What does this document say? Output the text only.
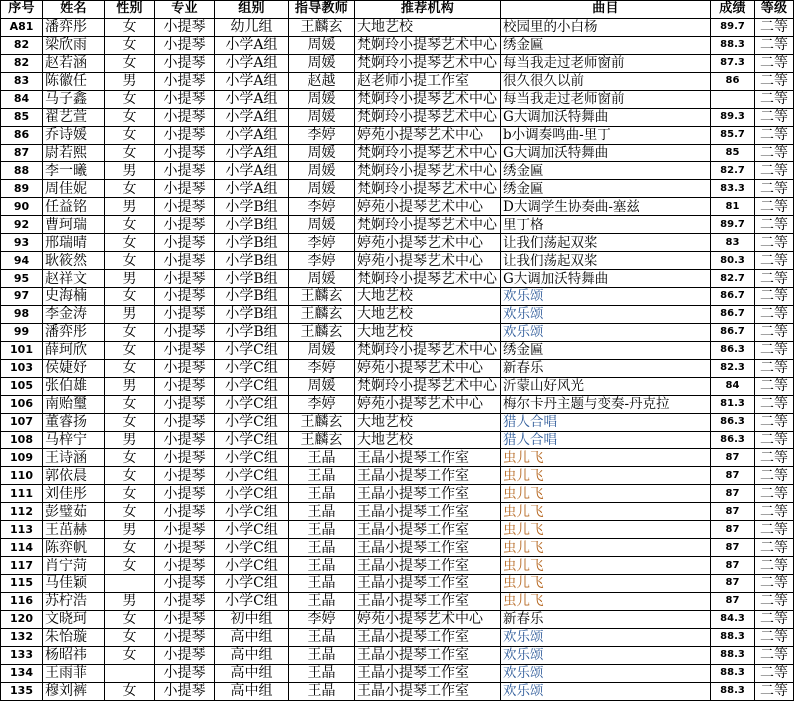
序号	姓名	性别	专业	组别	指导教师	推荐机构	曲目	成绩	等级
A81	潘弈彤	女	小提琴	幼儿组	王麟玄	大地艺校	校园里的小白杨	89.7	二等
82	梁欣雨	女	小提琴	小学A组	周媛	梵婀玲小提琴艺术中心	绣金匾	88.3	二等
82	赵若涵	女	小提琴	小学A组	周媛	梵婀玲小提琴艺术中心	每当我走过老师窗前	87.3	二等
83	陈徽任	男	小提琴	小学A组	赵越	赵老师小提工作室	很久很久以前	86	二等
84	马子鑫	女	小提琴	小学A组	周媛	梵婀玲小提琴艺术中心	每当我走过老师窗前		二等
85	翟艺萱	女	小提琴	小学A组	周媛	梵婀玲小提琴艺术中心	G大调加沃特舞曲	89.3	二等
86	乔诗媛	女	小提琴	小学A组	李婷	婷苑小提琴艺术中心	b小调奏鸣曲-里丁	85.7	二等
87	尉若熙	女	小提琴	小学A组	周媛	梵婀玲小提琴艺术中心	G大调加沃特舞曲	85	二等
88	李一曦	男	小提琴	小学A组	周媛	梵婀玲小提琴艺术中心	绣金匾	82.7	二等
89	周佳妮	女	小提琴	小学A组	周媛	梵婀玲小提琴艺术中心	绣金匾	83.3	二等
90	任益铭	男	小提琴	小学B组	李婷	婷苑小提琴艺术中心	D大调学生协奏曲-塞兹	81	二等
92	曹珂瑞	女	小提琴	小学B组	周媛	梵婀玲小提琴艺术中心	里丁格	89.7	二等
93	邢瑞晴	女	小提琴	小学B组	李婷	婷苑小提琴艺术中心	让我们荡起双桨	83	二等
94	耿筱然	女	小提琴	小学B组	李婷	婷苑小提琴艺术中心	让我们荡起双桨	80.3	二等
95	赵祥文	男	小提琴	小学B组	周媛	梵婀玲小提琴艺术中心	G大调加沃特舞曲	82.7	二等
97	史海楠	女	小提琴	小学B组	王麟玄	大地艺校	欢乐颂	86.7	二等
98	李金涛	男	小提琴	小学B组	王麟玄	大地艺校	欢乐颂	86.7	二等
99	潘弈彤	女	小提琴	小学B组	王麟玄	大地艺校	欢乐颂	86.7	二等
101	薛珂欣	女	小提琴	小学C组	周媛	梵婀玲小提琴艺术中心	绣金匾	86.3	二等
103	侯婕妤	女	小提琴	小学C组	李婷	婷苑小提琴艺术中心	新春乐	82.3	二等
105	张伯雄	男	小提琴	小学C组	周媛	梵婀玲小提琴艺术中心	沂蒙山好风光	84	二等
106	南贻璽	女	小提琴	小学C组	李婷	婷苑小提琴艺术中心	梅尔卡丹主题与变奏-丹克拉	81.3	二等
107	董睿扬	女	小提琴	小学C组	王麟玄	大地艺校	猎人合唱	86.3	二等
108	马梓宁	男	小提琴	小学C组	王麟玄	大地艺校	猎人合唱	86.3	二等
109	王诗涵	女	小提琴	小学C组	王晶	王晶小提琴工作室	虫儿飞	87	二等
110	郭依晨	女	小提琴	小学C组	王晶	王晶小提琴工作室	虫儿飞	87	二等
111	刘佳彤	女	小提琴	小学C组	王晶	王晶小提琴工作室	虫儿飞	87	二等
112	彭璧茹	女	小提琴	小学C组	王晶	王晶小提琴工作室	虫儿飞	87	二等
113	王茁赫	男	小提琴	小学C组	王晶	王晶小提琴工作室	虫儿飞	87	二等
114	陈弈帆	女	小提琴	小学C组	王晶	王晶小提琴工作室	虫儿飞	87	二等
117	肖宁菏	女	小提琴	小学C组	王晶	王晶小提琴工作室	虫儿飞	87	二等
115	马佳颖		小提琴	小学C组	王晶	王晶小提琴工作室	虫儿飞	87	二等
116	苏柠浩	男	小提琴	小学C组	王晶	王晶小提琴工作室	虫儿飞	87	二等
120	文晓珂	女	小提琴	初中组	李婷	婷苑小提琴艺术中心	新春乐	84.3	二等
132	朱怡璇	女	小提琴	高中组	王晶	王晶小提琴工作室	欢乐颂	88.3	二等
133	杨昭祎	女	小提琴	高中组	王晶	王晶小提琴工作室	欢乐颂	88.3	二等
134	王雨菲		小提琴	高中组	王晶	王晶小提琴工作室	欢乐颂	88.3	二等
135	穆刘裤	女	小提琴	高中组	王晶	王晶小提琴工作室	欢乐颂	88.3	二等
